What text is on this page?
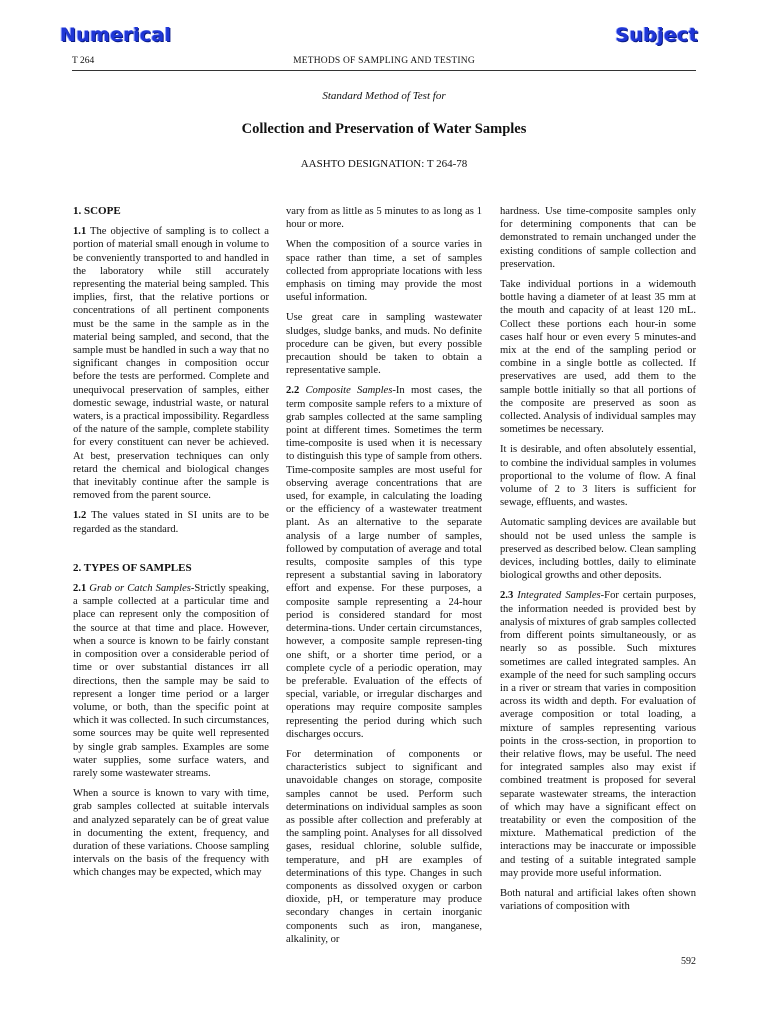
Numerical	Subject
T 264	METHODS OF SAMPLING AND TESTING
Standard Method of Test for
Collection and Preservation of Water Samples
AASHTO DESIGNATION: T 264-78

1. SCOPE

1.1 The objective of sampling is to collect a portion of material small enough in volume to be conveniently transported to and handled in the laboratory while still accurately representing the material being sampled. This implies, first, that the relative portions or concentrations of all pertinent components must be the same in the sample as in the material being sampled, and second, that the sample must be handled in such a way that no significant changes in composition occur before the tests are performed. Complete and unequivocal preservation of samples, either domestic sewage, industrial waste, or natural waters, is a practical impossibility. Regardless of the nature of the sample, complete stability for every constituent can never be achieved. At best, preservation techniques can only retard the chemical and biological changes that inevitably continue after the sample is removed from the parent source.

1.2 The values stated in SI units are to be regarded as the standard.

2. TYPES OF SAMPLES

2.1 Grab or Catch Samples-Strictly speaking, a sample collected at a particular time and place can represent only the composition of the source at that time and place. However, when a source is known to be fairly constant in composition over a considerable period of time or over substantial distances irr all directions, then the sample may be said to represent a longer time period or a larger volume, or both, than the specific point at which it was collected. In such circumstances, some sources may be quite well represented by single grab samples. Examples are some water supplies, some surface waters, and rarely some wastewater streams.

When a source is known to vary with time, grab samples collected at suitable intervals and analyzed separately can be of great value in documenting the extent, frequency, and duration of these variations. Choose sampling intervals on the basis of the frequency with which changes may be expected, which may

vary from as little as 5 minutes to as long as 1 hour or more.

When the composition of a source varies in space rather than time, a set of samples collected from appropriate locations with less emphasis on timing may provide the most useful information.

Use great care in sampling wastewater sludges, sludge banks, and muds. No definite procedure can be given, but every possible precaution should be taken to obtain a representative sample.

2.2 Composite Samples-In most cases, the term composite sample refers to a mixture of grab samples collected at the same sampling point at different times. Sometimes the term time-composite is used when it is necessary to distinguish this type of sample from others. Time-composite samples are most useful for observing average concentrations that are used, for example, in calculating the loading or the efficiency of a wastewater treatment plant. As an alternative to the separate analysis of a large number of samples, followed by computation of average and total results, composite samples of this type represent a substantial saving in laboratory effort and expense. For these purposes, a composite sample representing a 24-hour period is considered standard for most determina-tions. Under certain circumstances, however, a composite sample represen-ting one shift, or a shorter time period, or a complete cycle of a periodic operation, may be preferable. Evaluation of the effects of special, variable, or irregular discharges and operations may require composite samples representing the period during which such discharges occurs.

For determination of components or characteristics subject to significant and unavoidable changes on storage, composite samples cannot be used. Perform such determinations on individual samples as soon as possible after collection and preferably at the sampling point. Analyses for all dissolved gases, residual chlorine, soluble sulfide, temperature, and pH are examples of determinations of this type. Changes in such components as dissolved oxygen or carbon dioxide, pH, or temperature may produce secondary changes in certain inorganic components such as iron, manganese, alkalinity, or

hardness. Use time-composite samples only for determining components that can be demonstrated to remain unchanged under the existing conditions of sample collection and preservation.

Take individual portions in a widemouth bottle having a diameter of at least 35 mm at the mouth and capacity of at least 120 mL. Collect these portions each hour-in some cases half hour or even every 5 minutes-and mix at the end of the sampling period or combine in a single bottle as collected. If preservatives are used, add them to the sample bottle initially so that all portions of the composite are preserved as soon as collected. Analysis of individual samples may sometimes be necessary.

It is desirable, and often absolutely essential, to combine the individual samples in volumes proportional to the volume of flow. A final volume of 2 to 3 liters is sufficient for sewage, effluents, and wastes.

Automatic sampling devices are available but should not be used unless the sample is preserved as described below. Clean sampling devices, including bottles, daily to eliminate biological growths and other deposits.

2.3 Integrated Samples-For certain purposes, the information needed is provided best by analysis of mixtures of grab samples collected from different points simultaneously, or as nearly so as possible. Such mixtures sometimes are called integrated samples. An example of the need for such sampling occurs in a river or stream that varies in composition across its width and depth. For evaluation of average composition or total loading, a mixture of samples representing various points in the cross-section, in proportion to their relative flows, may be useful. The need for integrated samples also may exist if combined treatment is proposed for several separate wastewater streams, the interaction of which may have a significant effect on treatability or even the composition of the mixture. Mathematical prediction of the interactions may be inaccurate or impossible and testing of a suitable integrated sample may provide more useful information.

Both natural and artificial lakes often shown variations of composition with

592
